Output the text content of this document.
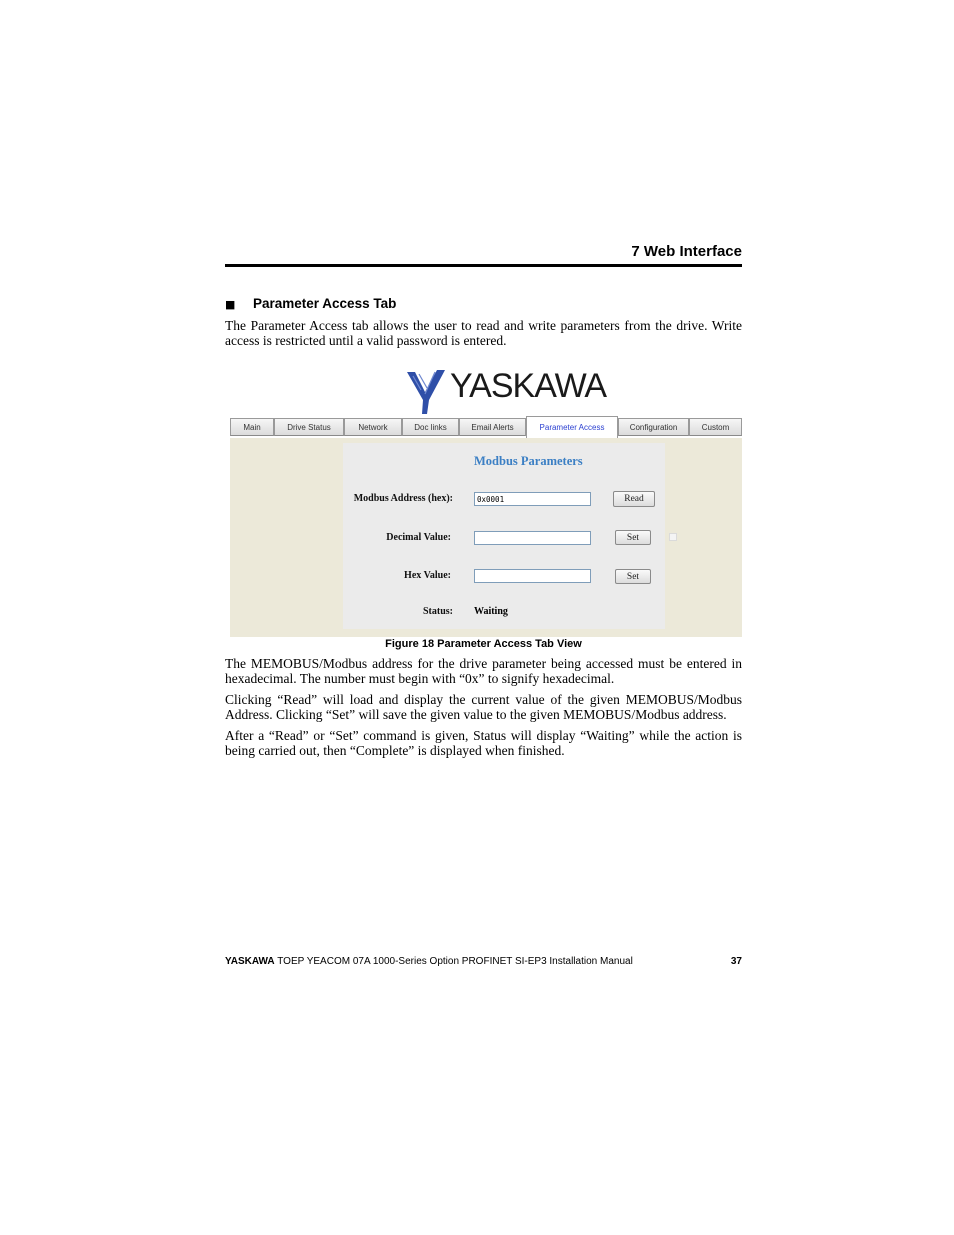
7 Web Interface
■ Parameter Access Tab
The Parameter Access tab allows the user to read and write parameters from the drive. Write access is restricted until a valid password is entered.
YASKAWA
Main	Drive Status	Network	Doc links	Email Alerts	Parameter Access	Configuration	Custom
Modbus Parameters
Modbus Address (hex):
0x0001	Read
Decimal Value:	Set
Hex Value:	Set
Status: Waiting
Figure 18 Parameter Access Tab View
The MEMOBUS/Modbus address for the drive parameter being accessed must be entered in hexadecimal. The number must begin with “0x” to signify hexadecimal.
Clicking “Read” will load and display the current value of the given MEMOBUS/Modbus Address. Clicking “Set” will save the given value to the given MEMOBUS/Modbus address.
After a “Read” or “Set” command is given, Status will display “Waiting” while the action is being carried out, then “Complete” is displayed when finished.
YASKAWA TOEP YEACOM 07A 1000-Series Option PROFINET SI-EP3 Installation Manual	37
